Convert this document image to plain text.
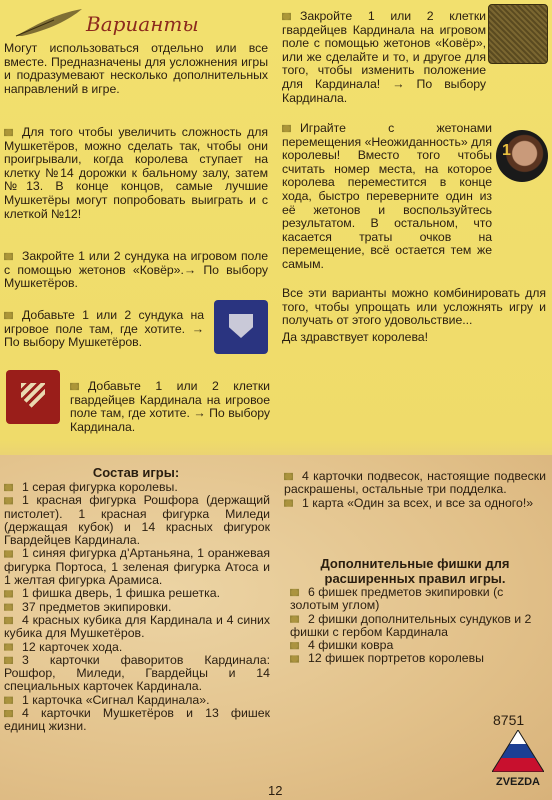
Варианты
Могут использоваться отдельно или все вместе. Предназначены для усложнения игры и подразумевают несколько дополнительных направлений в игре.
Для того чтобы увеличить сложность для Мушкетёров, можно сделать так, чтобы они проигрывали, когда королева ступает на клетку №14 дорожки к бальному залу, затем №13. В конце концов, самые лучшие Мушкетёры могут попробовать выиграть и с клеткой №12!
Закройте 1 или 2 сундука на игровом поле с помощью жетонов «Ковёр».→ По выбору Мушкетёров.
Добавьте 1 или 2 сундука на игровое поле там, где хотите. → По выбору Мушкетёров.
Добавьте 1 или 2 клетки гвардейцев Кардинала на игровое поле там, где хотите. → По выбору Кардинала.
Закройте 1 или 2 клетки гвардейцев Кардинала на игровом поле с помощью жетонов «Ковёр», или же сделайте и то, и другое для того, чтобы изменить положение для Кардинала! → По выбору Кардинала.
Играйте с жетонами перемещения «Неожиданность» для королевы! Вместо того чтобы считать номер места, на которое королева переместится в конце хода, быстро переверните один из её жетонов и воспользуйтесь результатом. В остальном, что касается траты очков на перемещение, всё остается тем же самым.
1
Все эти варианты можно комбинировать для того, чтобы упрощать или усложнять игру и получать от этого удовольствие...
Да здравствует королева!
Состав игры:
1 серая фигурка королевы.
1 красная фигурка Рошфора (держащий пистолет). 1 красная фигурка Миледи (держащая кубок) и 14 красных фигурок Гвардейцев Кардинала.
1 синяя фигурка д'Артаньяна, 1 оранжевая фигурка Портоса, 1 зеленая фигурка Атоса и 1 желтая фигурка Арамиса.
1 фишка дверь, 1 фишка решетка.
37 предметов экипировки.
4 красных кубика для Кардинала и 4 синих кубика для Мушкетёров.
12 карточек хода.
3 карточки фаворитов Кардинала: Рошфор, Миледи, Гвардейцы и 14 специальных карточек Кардинала.
1 карточка «Сигнал Кардинала».
4 карточки Мушкетёров и 13 фишек единиц жизни.
4 карточки подвесок, настоящие подвески раскрашены, остальные три подделка.
1 карта «Один за всех, и все за одного!»
Дополнительные фишки для расширенных правил игры.
6 фишек предметов экипировки (с золотым углом)
2 фишки дополнительных сундуков и 2 фишки с гербом Кардинала
4 фишки ковра
12 фишек портретов королевы
8751
ZVEZDA
12
